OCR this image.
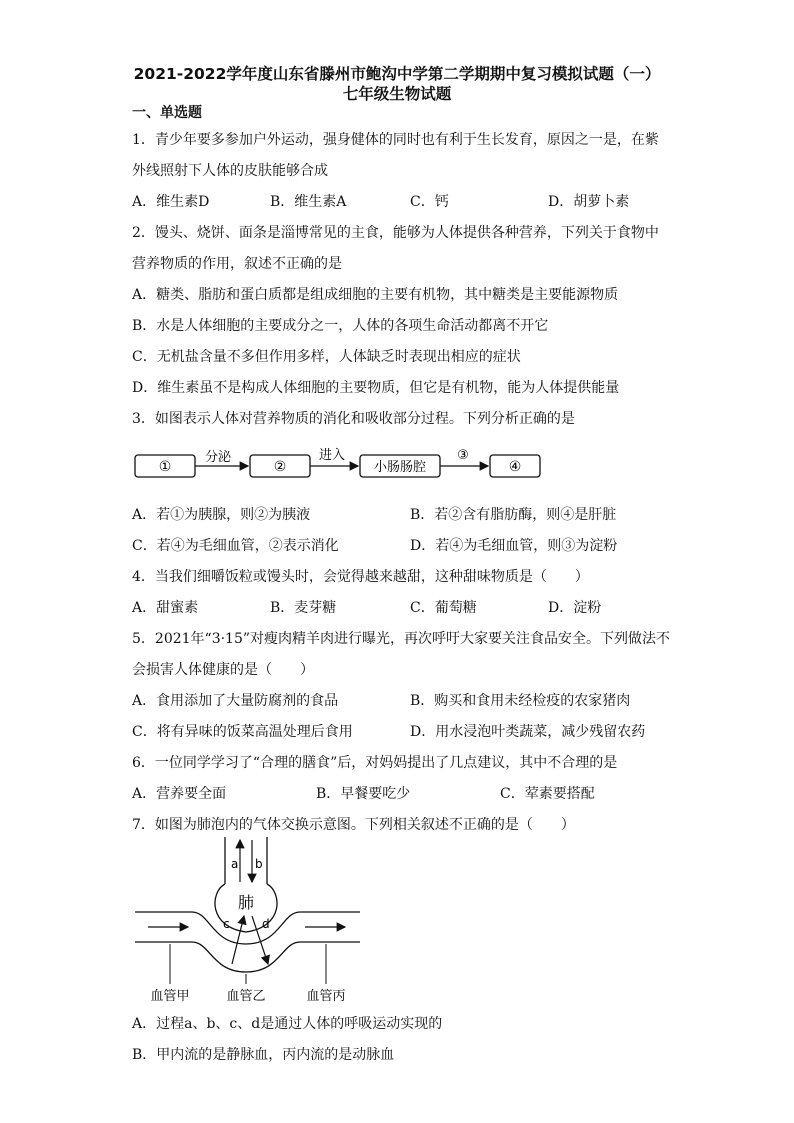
2021-2022学年度山东省滕州市鲍沟中学第二学期期中复习模拟试题（一）
七年级生物试题
一、单选题
1．青少年要多参加户外运动，强身健体的同时也有利于生长发育，原因之一是，在紫
外线照射下人体的皮肤能够合成
A．维生素D	B．维生素A	C．钙	D．胡萝卜素
2．馒头、烧饼、面条是淄博常见的主食，能够为人体提供各种营养，下列关于食物中
营养物质的作用，叙述不正确的是
A．糖类、脂肪和蛋白质都是组成细胞的主要有机物，其中糖类是主要能源物质
B．水是人体细胞的主要成分之一，人体的各项生命活动都离不开它
C．无机盐含量不多但作用多样，人体缺乏时表现出相应的症状
D．维生素虽不是构成人体细胞的主要物质，但它是有机物，能为人体提供能量
3．如图表示人体对营养物质的消化和吸收部分过程。下列分析正确的是
①
分泌
②
进入
小肠肠腔
③
④
A．若①为胰腺，则②为胰液	B．若②含有脂肪酶，则④是肝脏
C．若④为毛细血管，②表示消化	D．若④为毛细血管，则③为淀粉
4．当我们细嚼饭粒或馒头时，会觉得越来越甜，这种甜味物质是（　　）
A．甜蜜素	B．麦芽糖	C．葡萄糖	D．淀粉
5．2021年“3·15”对瘦肉精羊肉进行曝光，再次呼吁大家要关注食品安全。下列做法不
会损害人体健康的是（　　）
A．食用添加了大量防腐剂的食品	B．购买和食用未经检疫的农家猪肉
C．将有异味的饭菜高温处理后食用	D．用水浸泡叶类蔬菜，减少残留农药
6．一位同学学习了“合理的膳食”后，对妈妈提出了几点建议，其中不合理的是
A．营养要全面	B．早餐要吃少	C．荤素要搭配
7．如图为肺泡内的气体交换示意图。下列相关叙述不正确的是（　　）
a b
肺
c	d
血管甲	血管乙	血管丙
A．过程a、b、c、d是通过人体的呼吸运动实现的
B．甲内流的是静脉血，丙内流的是动脉血
